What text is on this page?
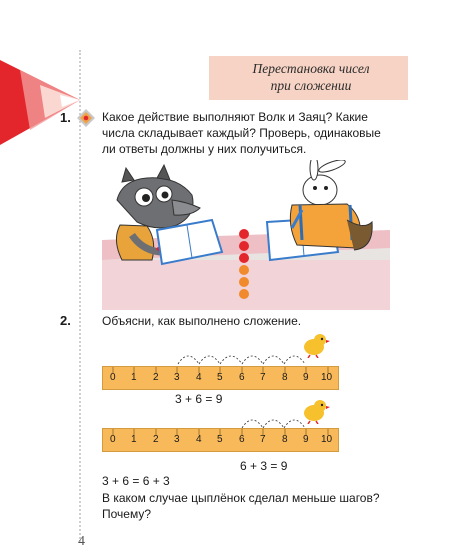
Перестановка чисел
при сложении
1.	Какое действие выполняют Волк и Заяц? Какие
числа складывает каждый? Проверь, одинаковые
ли ответы должны у них получиться.
2.	Объясни, как выполнено сложение.
0 1 2 3 4 5 6 7 8 9 10
3 + 6 = 9
0 1 2 3 4 5 6 7 8 9 10
6 + 3 = 9
3 + 6 = 6 + 3
В каком случае цыплёнок сделал меньше шагов?
Почему?
4
